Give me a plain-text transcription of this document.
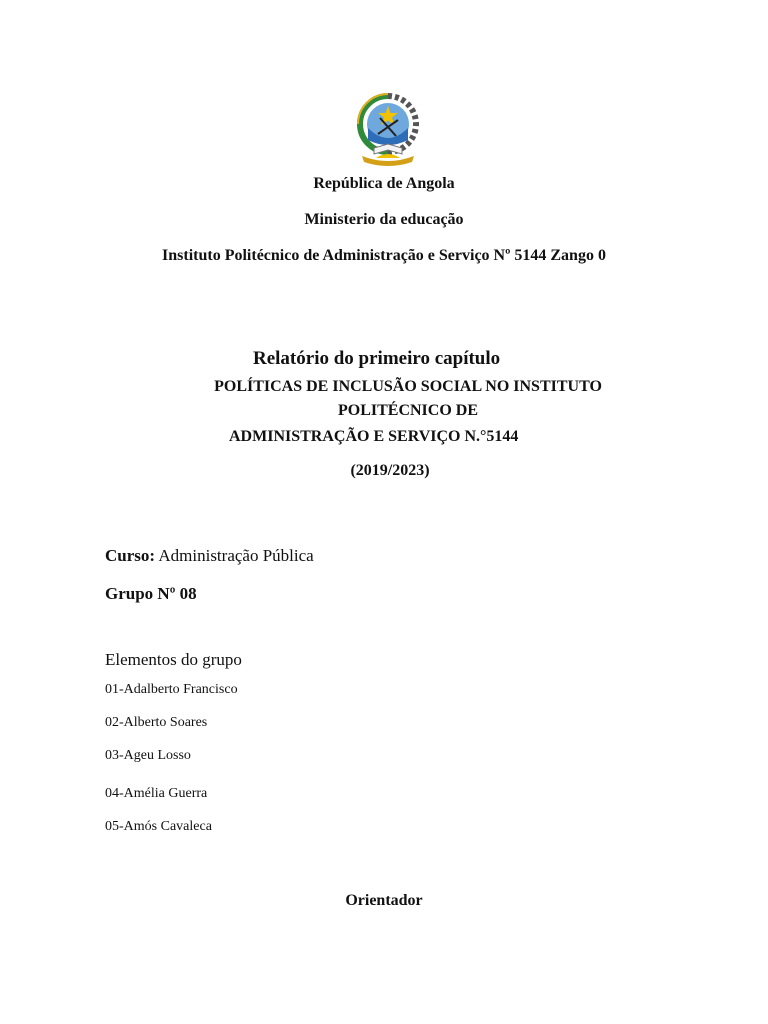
República de Angola
Ministerio da educação
Instituto Politécnico de Administração e Serviço Nº 5144 Zango 0
Relatório do primeiro capítulo
POLÍTICAS DE INCLUSÃO SOCIAL NO INSTITUTO
POLITÉCNICO DE
ADMINISTRAÇÃO E SERVIÇO N.°5144
(2019/2023)
Curso: Administração Pública
Grupo Nº 08
Elementos do grupo
01-Adalberto Francisco
02-Alberto Soares
03-Ageu Losso
04-Amélia Guerra
05-Amós Cavaleca
Orientador
